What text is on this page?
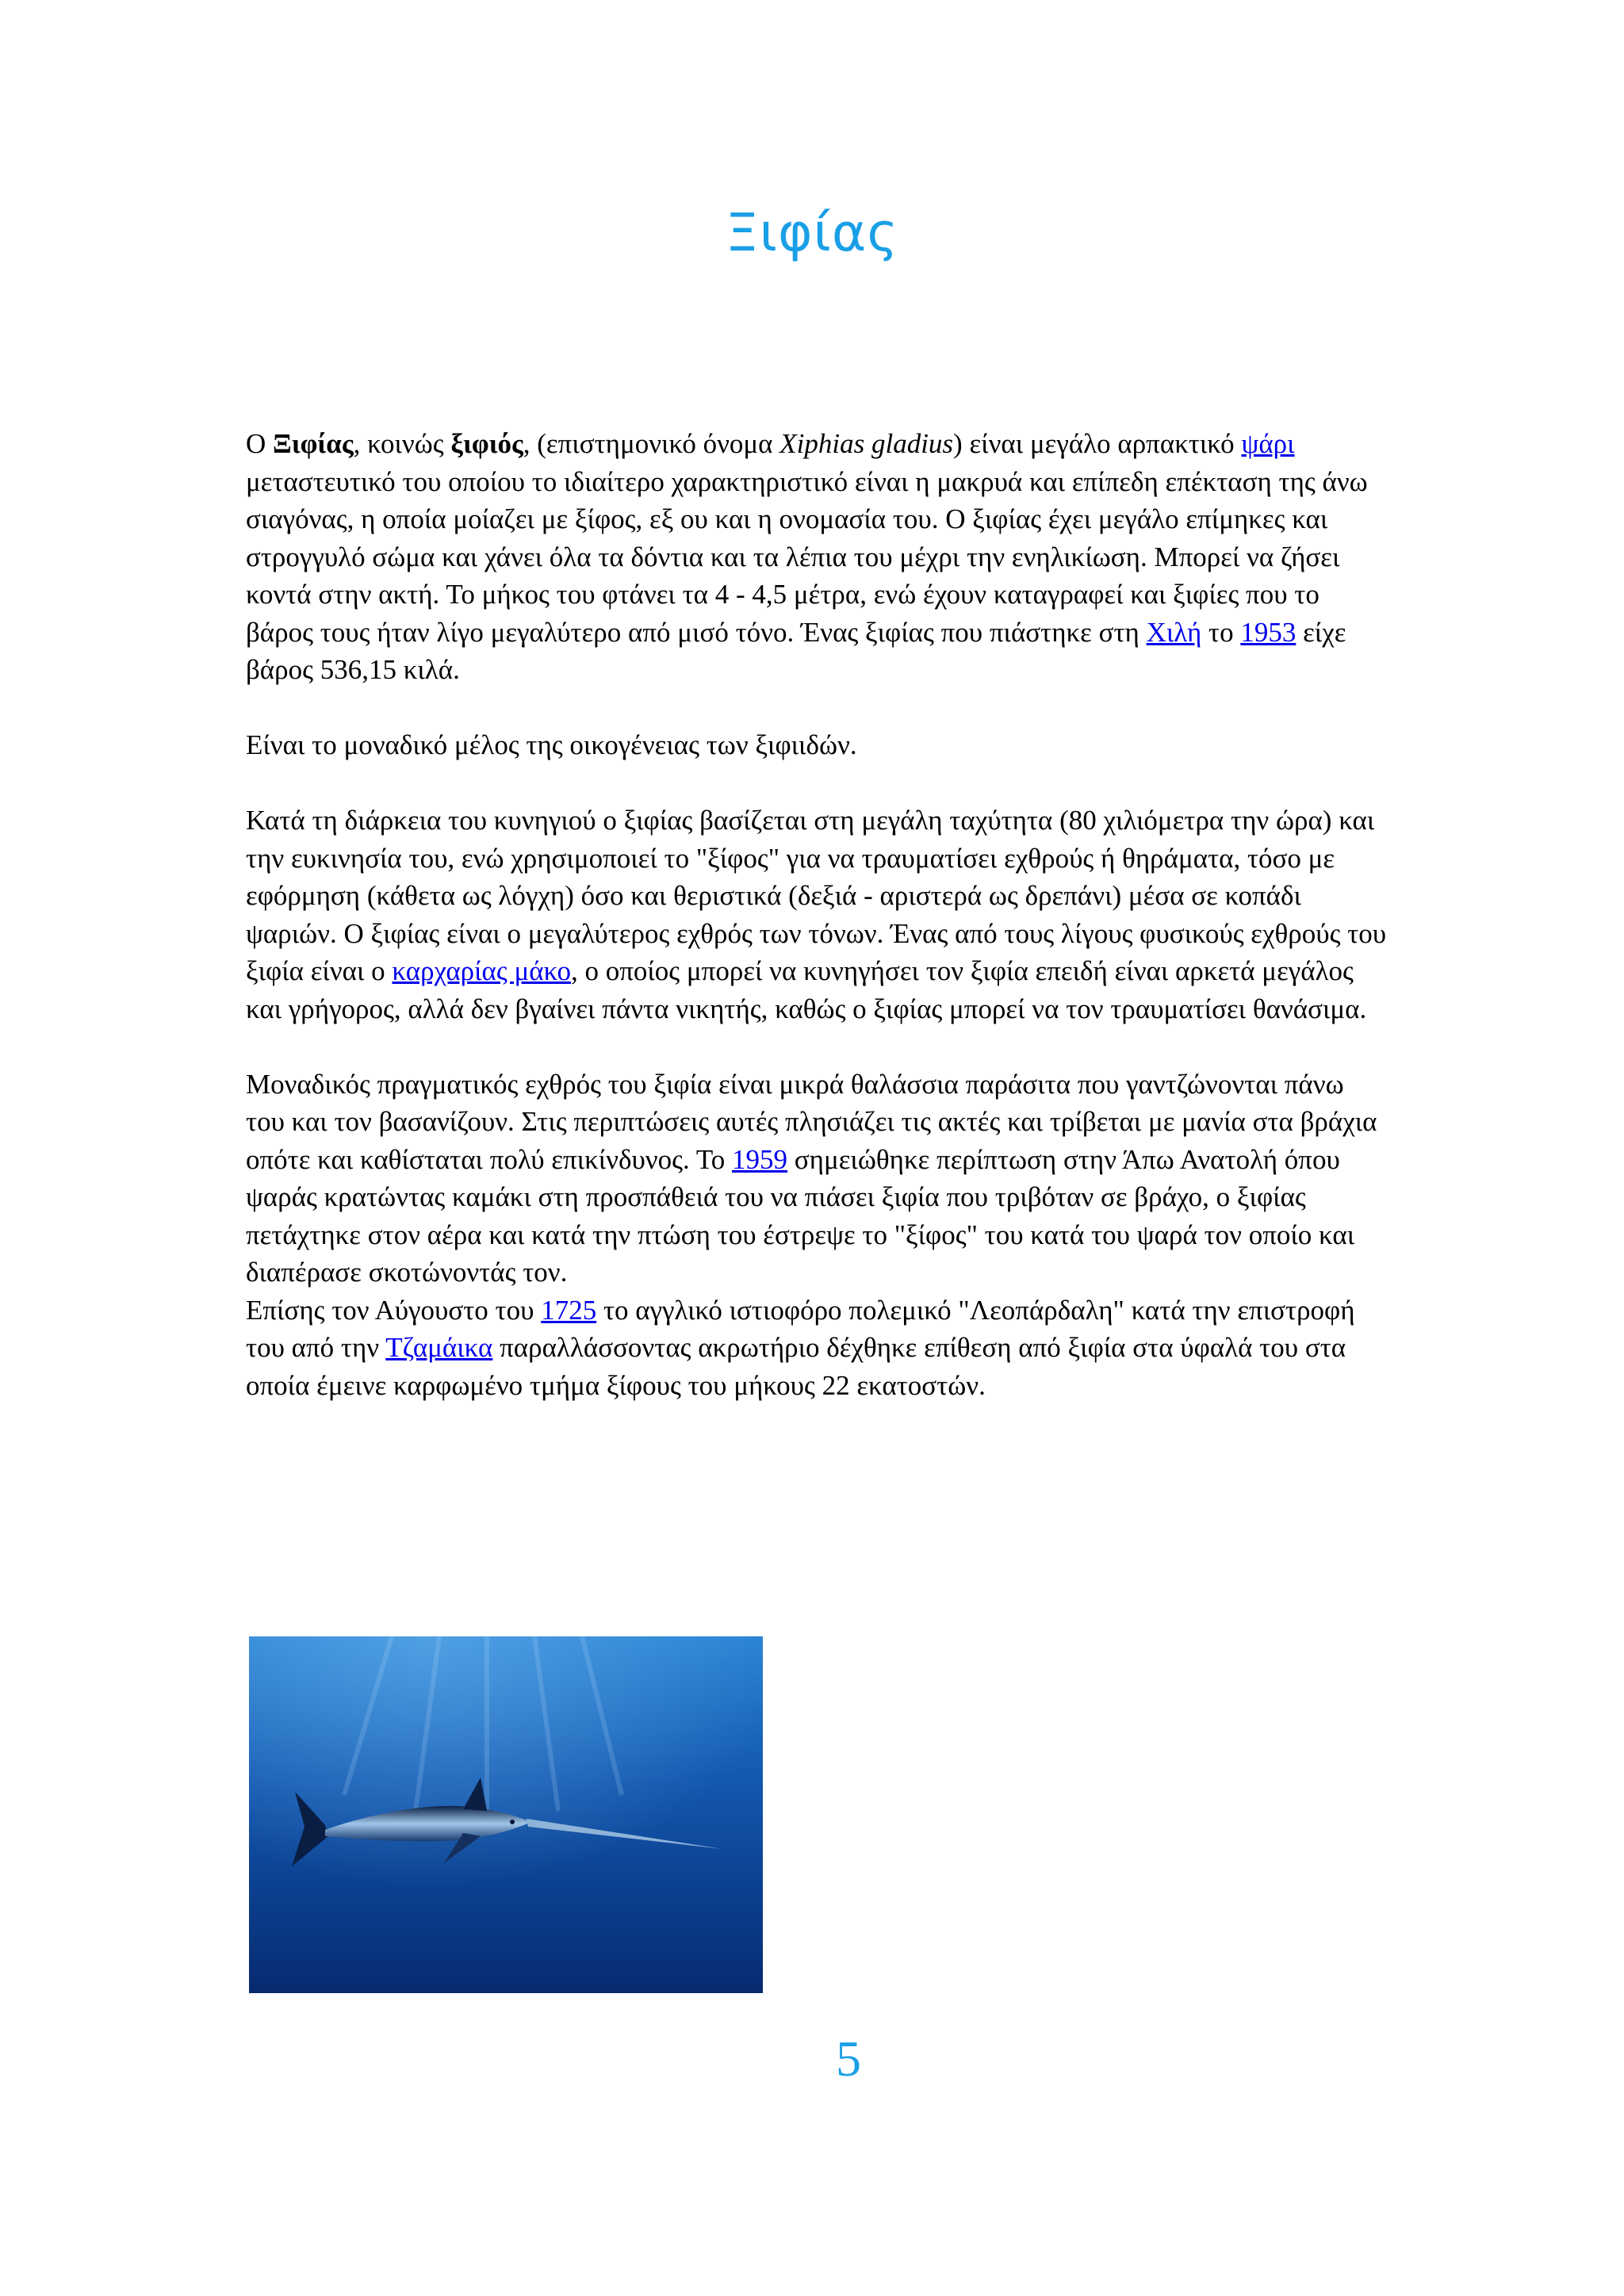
Ξιφίας

Ο Ξιφίας, κοινώς ξιφιός, (επιστημονικό όνομα Xiphias gladius) είναι μεγάλο αρπακτικό ψάρι μεταστευτικό του οποίου το ιδιαίτερο χαρακτηριστικό είναι η μακρυά και επίπεδη επέκταση της άνω σιαγόνας, η οποία μοίαζει με ξίφος, εξ ου και η ονομασία του. Ο ξιφίας έχει μεγάλο επίμηκες και στρογγυλό σώμα και χάνει όλα τα δόντια και τα λέπια του μέχρι την ενηλικίωση. Μπορεί να ζήσει κοντά στην ακτή. Το μήκος του φτάνει τα 4 - 4,5 μέτρα, ενώ έχουν καταγραφεί και ξιφίες που το βάρος τους ήταν λίγο μεγαλύτερο από μισό τόνο. Ένας ξιφίας που πιάστηκε στη Χιλή το 1953 είχε βάρος 536,15 κιλά.

Είναι το μοναδικό μέλος της οικογένειας των ξιφιιδών.

Κατά τη διάρκεια του κυνηγιού ο ξιφίας βασίζεται στη μεγάλη ταχύτητα (80 χιλιόμετρα την ώρα) και την ευκινησία του, ενώ χρησιμοποιεί το "ξίφος" για να τραυματίσει εχθρούς ή θηράματα, τόσο με εφόρμηση (κάθετα ως λόγχη) όσο και θεριστικά (δεξιά - αριστερά ως δρεπάνι) μέσα σε κοπάδι ψαριών. Ο ξιφίας είναι ο μεγαλύτερος εχθρός των τόνων. Ένας από τους λίγους φυσικούς εχθρούς του ξιφία είναι ο καρχαρίας μάκο, ο οποίος μπορεί να κυνηγήσει τον ξιφία επειδή είναι αρκετά μεγάλος και γρήγορος, αλλά δεν βγαίνει πάντα νικητής, καθώς ο ξιφίας μπορεί να τον τραυματίσει θανάσιμα.

Μοναδικός πραγματικός εχθρός του ξιφία είναι μικρά θαλάσσια παράσιτα που γαντζώνονται πάνω του και τον βασανίζουν. Στις περιπτώσεις αυτές πλησιάζει τις ακτές και τρίβεται με μανία στα βράχια οπότε και καθίσταται πολύ επικίνδυνος. Το 1959 σημειώθηκε περίπτωση στην Άπω Ανατολή όπου ψαράς κρατώντας καμάκι στη προσπάθειά του να πιάσει ξιφία που τριβόταν σε βράχο, ο ξιφίας πετάχτηκε στον αέρα και κατά την πτώση του έστρεψε το "ξίφος" του κατά του ψαρά τον οποίο και διαπέρασε σκοτώνοντάς τον.

Επίσης τον Αύγουστο του 1725 το αγγλικό ιστιοφόρο πολεμικό "Λεοπάρδαλη" κατά την επιστροφή του από την Τζαμάικα παραλλάσσοντας ακρωτήριο δέχθηκε επίθεση από ξιφία στα ύφαλά του στα οποία έμεινε καρφωμένο τμήμα ξίφους του μήκους 22 εκατοστών.

5
